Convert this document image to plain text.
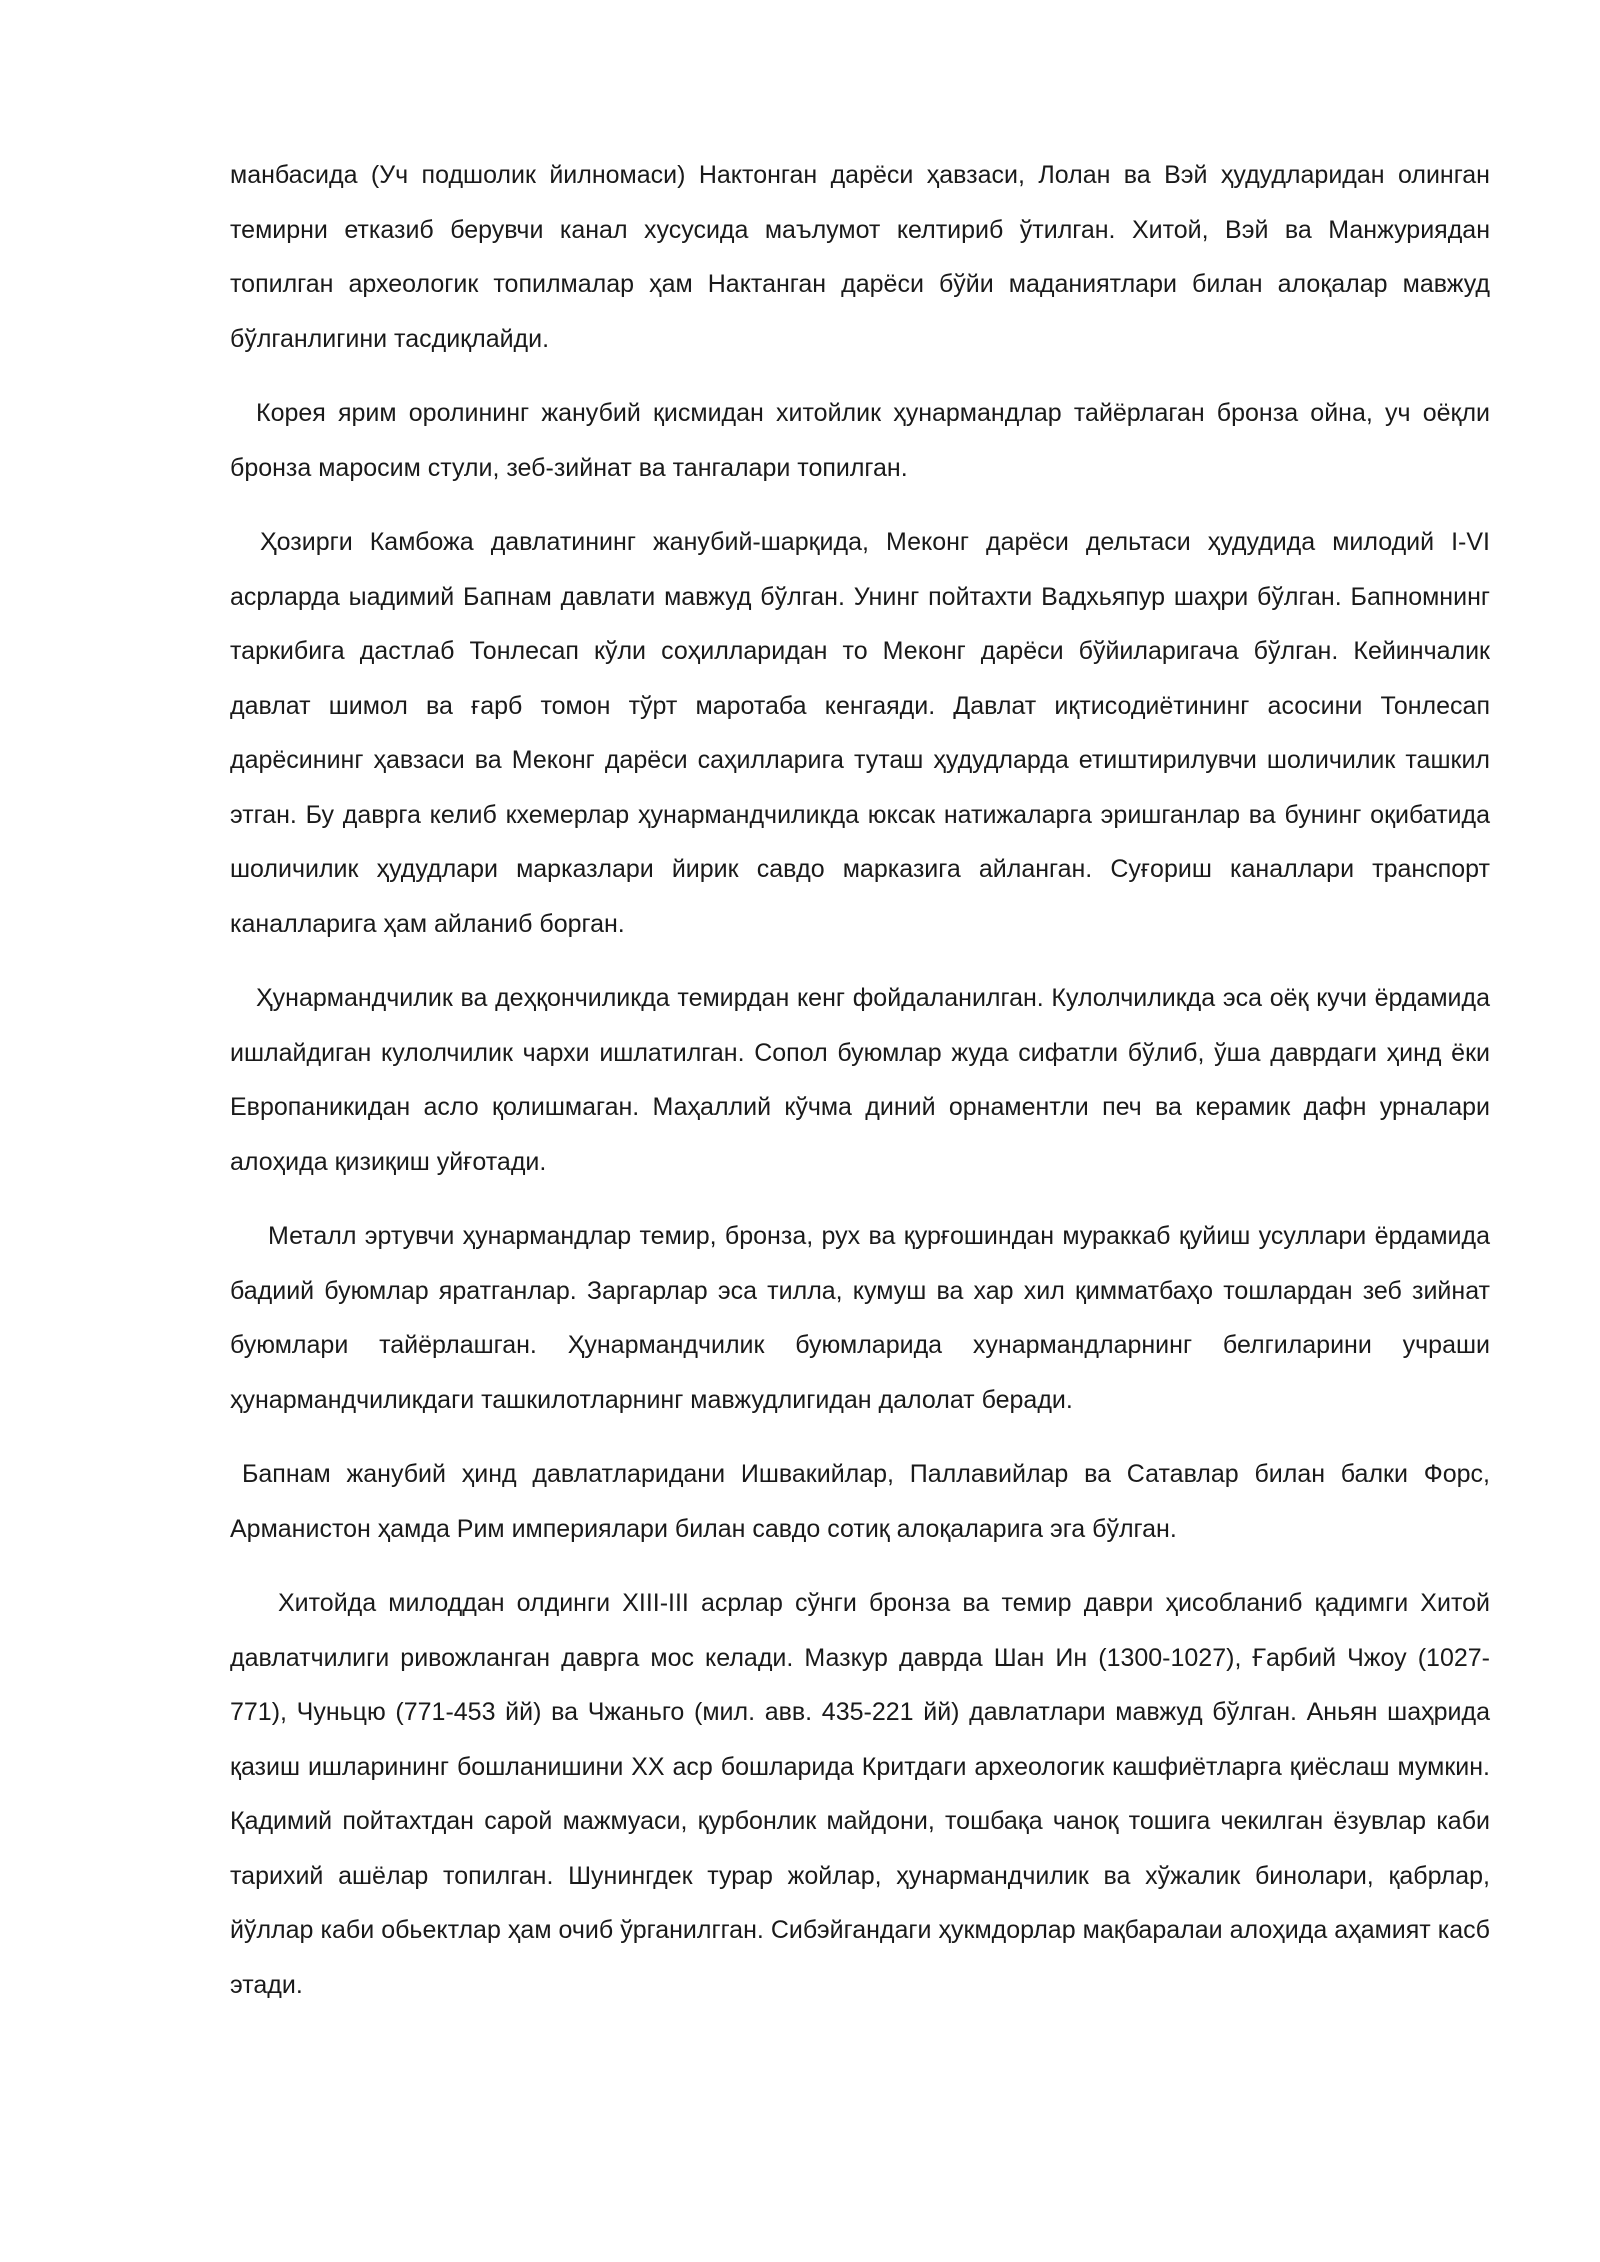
манбасида (Уч подшолик йилномаси) Нактонган дарёси ҳавзаси, Лолан ва Вэй ҳудудларидан олинган темирни етказиб берувчи канал хусусида маълумот келтириб ўтилган. Хитой, Вэй ва Манжуриядан топилган археологик топилмалар ҳам Нактанган дарёси бўйи маданиятлари билан алоқалар мавжуд бўлганлигини тасдиқлайди.

Корея ярим оролининг жанубий қисмидан хитойлик ҳунармандлар тайёрлаган бронза ойна, уч оёқли бронза маросим стули, зеб-зийнат ва тангалари топилган.

Ҳозирги Камбожа давлатининг жанубий-шарқида, Меконг дарёси дельтаси ҳудудида милодий I-VI асрларда ыадимий Бапнам давлати мавжуд бўлган. Унинг пойтахти Вадхьяпур шаҳри бўлган. Бапномнинг таркибига дастлаб Тонлесап кўли соҳилларидан то Меконг дарёси бўйиларигача бўлган. Кейинчалик давлат шимол ва ғарб томон тўрт маротаба кенгаяди. Давлат иқтисодиётининг асосини Тонлесап дарёсининг ҳавзаси ва Меконг дарёси саҳилларига туташ ҳудудларда етиштирилувчи шоличилик ташкил этган. Бу даврга келиб кхемерлар ҳунармандчиликда юксак натижаларга эришганлар ва бунинг оқибатида шоличилик ҳудудлари марказлари йирик савдо марказига айланган. Суғориш каналлари транспорт каналларига ҳам айланиб борган.

Ҳунармандчилик ва деҳқончиликда темирдан кенг фойдаланилган. Кулолчиликда эса оёқ кучи ёрдамида ишлайдиган кулолчилик чархи ишлатилган. Сопол буюмлар жуда сифатли бўлиб, ўша даврдаги ҳинд ёки Европаникидан асло қолишмаган. Маҳаллий кўчма диний орнаментли печ ва керамик дафн урналари алоҳида қизиқиш уйғотади.

Металл эртувчи ҳунармандлар темир, бронза, рух ва қурғошиндан мураккаб қуйиш усуллари ёрдамида бадиий буюмлар яратганлар. Заргарлар эса тилла, кумуш ва хар хил қимматбаҳо тошлардан зеб зийнат буюмлари тайёрлашган. Ҳунармандчилик буюмларида хунармандларнинг белгиларини учраши ҳунармандчиликдаги ташкилотларнинг мавжудлигидан далолат беради.

Бапнам жанубий ҳинд давлатларидани Ишвакийлар, Паллавийлар ва Сатавлар билан балки Форс, Арманистон ҳамда Рим империялари билан савдо сотиқ алоқаларига эга бўлган.

Хитойда милоддан олдинги XIII-III асрлар сўнги бронза ва темир даври ҳисобланиб қадимги Хитой давлатчилиги ривожланган даврга мос келади. Мазкур даврда Шан Ин (1300-1027), Ғарбий Чжоу (1027-771), Чуньцю (771-453 йй) ва Чжаньго (мил. авв. 435-221 йй) давлатлари мавжуд бўлган. Аньян шаҳрида қазиш ишларининг бошланишини XX аср бошларида Критдаги археологик кашфиётларга қиёслаш мумкин. Қадимий пойтахтдан сарой мажмуаси, қурбонлик майдони, тошбақа чаноқ тошига чекилган ёзувлар каби тарихий ашёлар топилган. Шунингдек турар жойлар, ҳунармандчилик ва хўжалик бинолари, қабрлар, йўллар каби обьектлар ҳам очиб ўрганилгган. Сибэйгандаги ҳукмдорлар мақбаралаи алоҳида аҳамият касб этади.
